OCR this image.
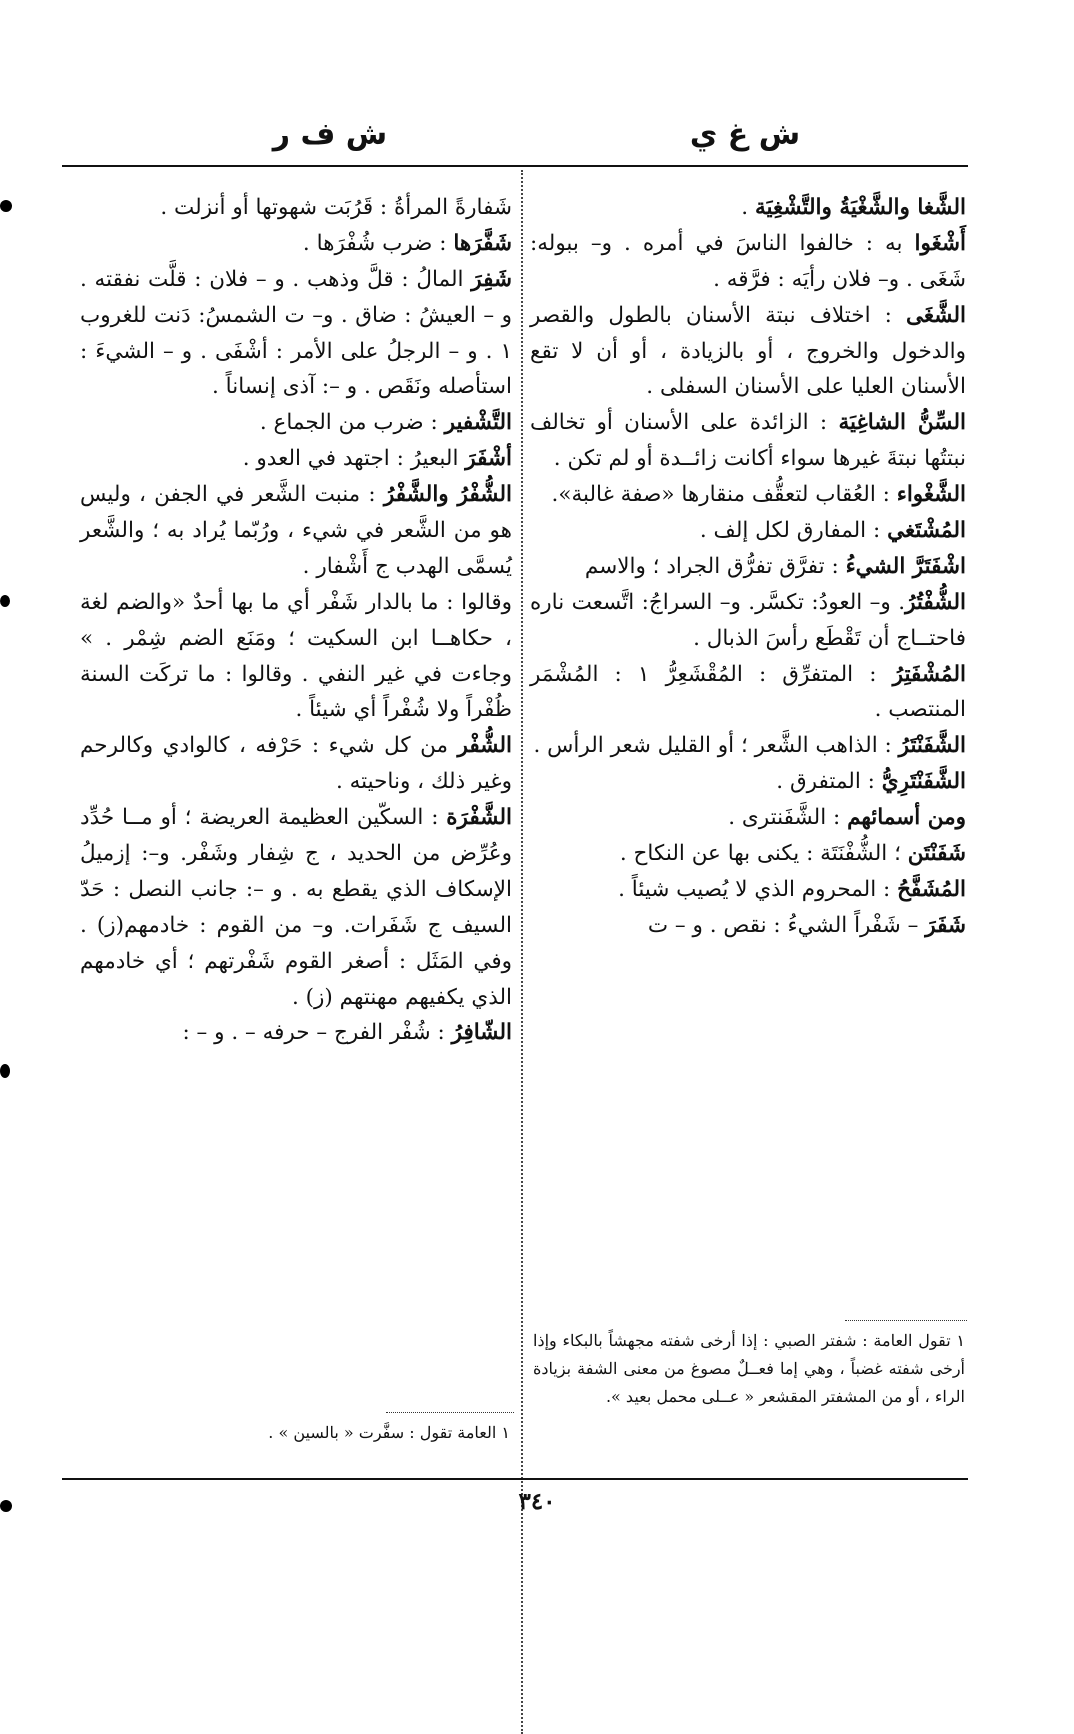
ش غ ي
ش ف ر

الشَّغا والشَّغْيَةُ والتَّشْغِيَة .

أَشْغَوا به : خالفوا الناسَ في أمره . و– ببوله: شَغَى . و– فلان رأيَه : فرَّقه .

الشَّغَى : اختلاف نبتة الأسنان بالطول والقصر والدخول والخروج ، أو بالزيادة ، أو أن لا تقع الأسنان العليا على الأسنان السفلى .

السِّنُّ الشاغِيَة : الزائدة على الأسنان أو تخالف نبتتُها نبتةَ غيرها سواء أكانت زائــدة أو لم تكن .

الشَّغْواء : العُقاب لتعقُّف منقارها «صفة غالبة».

المُشْتَغي : المفارق لكل إلف .

اشْفَتَرَّ الشيءُ : تفرَّق تفرُّق الجراد ؛ والاسم

الشُّفْتُرُ. و– العودُ: تكسَّر. و– السراجُ: اتَّسعت ناره فاحتــاج أن تَقْطَع رأسَ الذبال .

المُشْفَتِرُ : المتفرِّق : المُقْشَعِرُّ ١ : المُشْمَر المنتصب .

الشَّفَنْتَرُ : الذاهب الشَّعر ؛ أو القليل شعر الرأس .

الشَّفَنْتَرِيُّ : المتفرق .

ومن أسمائهم : الشَّفَنترى .

شَفَنْتَن ؛ الشُّفْنَتَة : يكنى بها عن النكاح .

المُشَفَّحُ : المحروم الذي لا يُصيب شيئاً .

شَفَرَ – شَفْراً الشيءُ : نقص . و – ت

شَفارةً المرأةُ : قَرُبَت شهوتها أو أنزلت .

شَفَّرَها : ضرب شُفْرَها .

شَفِرَ المالُ : قلَّ وذهب . و – فلان : قلَّت نفقته . و – العيشُ : ضاق . و– ت الشمسُ: دَنت للغروب ١ . و – الرجلُ على الأمر : أشْفَى . و – الشيءَ : استأصله ونَقَص . و –: آذى إنساناً .

التَّشْفير : ضرب من الجماع .

أشْفَرَ البعيرُ : اجتهد في العدو .

الشُّفْرُ والشَّفْرُ : منبت الشَّعر في الجفن ، وليس هو من الشَّعر في شيء ، ورُبّما يُراد به ؛ والشَّعر يُسمَّى الهدب ج أَشْفار .

وقالوا : ما بالدار شَفْر أي ما بها أحدٌ «والضم لغة ، حكاهــا ابن السكيت ؛ ومَنَع الضم شِمْر . » وجاءت في غير النفي . وقالوا : ما تركَت السنة ظُفْراً ولا شُفْراً أي شيئاً .

الشُّفْر من كل شيء : حَرْفه ، كالوادي وكالرحم وغير ذلك ، وناحيته .

الشَّفْرَة : السكّين العظيمة العريضة ؛ أو مــا حُدِّد وعُرِّض من الحديد ، ج شِفار وشَفْر. و–: إزميلُ الإسكاف الذي يقطع به . و –: جانب النصل : حَدّ السيف ج شَفَرات. و– من القوم : خادمهم(ز) . وفي المَثَل : أصغر القوم شَفْرتهم ؛ أي خادمهم الذي يكفيهم مهنتهم (ز) .

الشّافِرُ : شُفْر الفرج – حرفه – . و – :

١ تقول العامة : شفتر الصبي : إذا أرخى شفته مجهشاً بالبكاء وإذا أرخى شفته غضباً ، وهي إما فعــلٌ مصوغ من معنى الشفة بزيادة الراء ، أو من المشفتر المقشعر « عــلى محمل بعيد ».
١ العامة تقول : سفَّرت « بالسين » .
٣٤٠
